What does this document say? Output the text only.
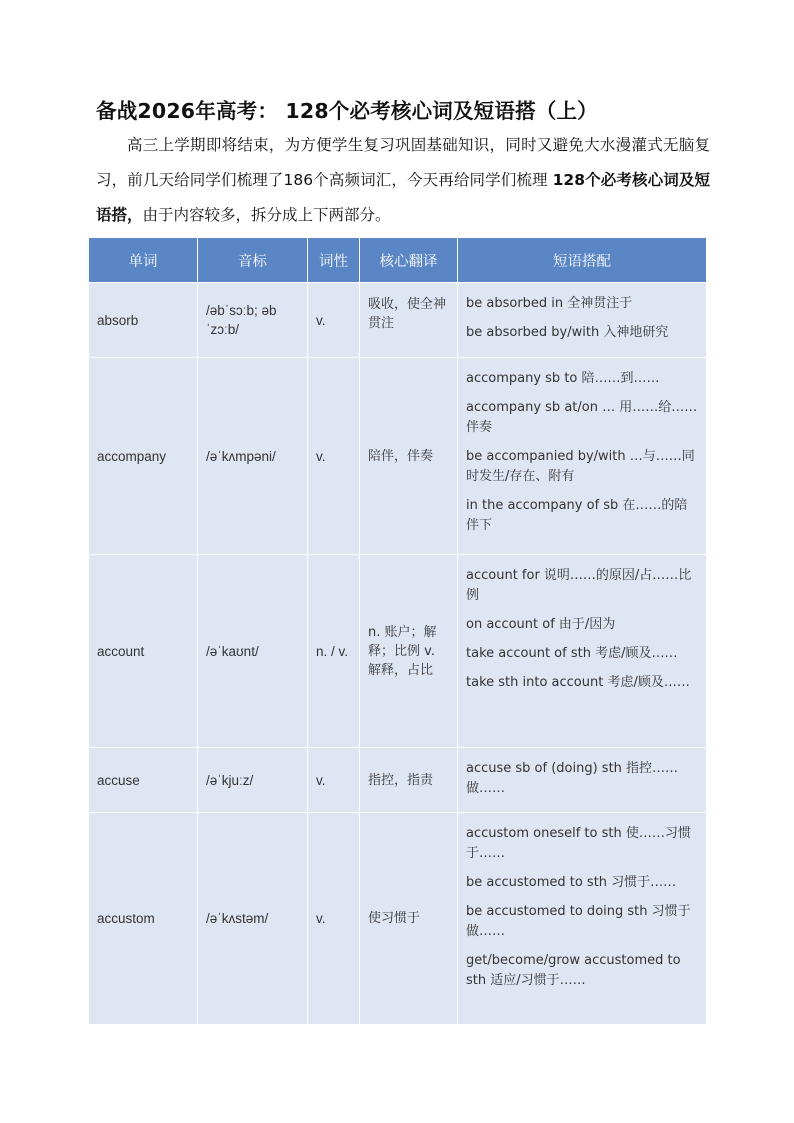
备战2026年高考： 128个必考核心词及短语搭（上）

高三上学期即将结束，为方便学生复习巩固基础知识，同时又避免大水漫灌式无脑复习，前几天给同学们梳理了186个高频词汇，今天再给同学们梳理 128个必考核心词及短语搭，由于内容较多，拆分成上下两部分。

单词	音标	词性	核心翻译	短语搭配
absorb	/əbˈsɔːb; əbˈzɔːb/	v.	吸收，使全神贯注	be absorbed in 全神贯注于
be absorbed by/with 入神地研究

accompany	/əˈkʌmpəni/	v.	陪伴，伴奏	accompany sb to 陪……到……
accompany sb at/on … 用……给……伴奏
be accompanied by/with …与……同时发生/存在、附有
in the accompany of sb 在……的陪伴下

account	/əˈkaʊnt/	n. / v.	n. 账户；解释；比例 v. 解释，占比	account for 说明……的原因/占……比例
on account of 由于/因为
take account of sth 考虑/顾及……
take sth into account 考虑/顾及……

accuse	/əˈkjuːz/	v.	指控，指责	accuse sb of (doing) sth 指控……做……

accustom	/əˈkʌstəm/	v.	使习惯于	accustom oneself to sth 使……习惯于……
be accustomed to sth 习惯于……
be accustomed to doing sth 习惯于做……
get/become/grow accustomed to sth 适应/习惯于……
